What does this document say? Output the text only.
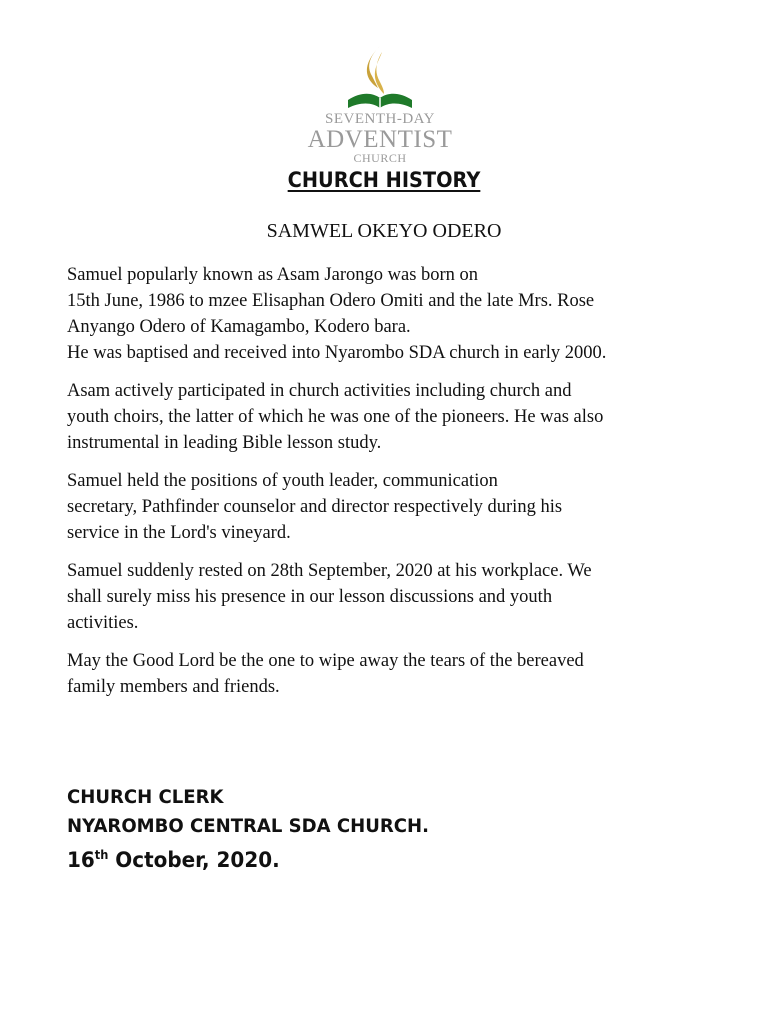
SEVENTH-DAY
ADVENTIST
CHURCH
CHURCH HISTORY
SAMWEL OKEYO ODERO

Samuel popularly known as Asam Jarongo was born on
15th June, 1986 to mzee Elisaphan Odero Omiti and the late Mrs. Rose
Anyango Odero of Kamagambo, Kodero bara.
He was baptised and received into Nyarombo SDA church in early 2000.

Asam actively participated in church activities including church and
youth choirs, the latter of which he was one of the pioneers. He was also
instrumental in leading Bible lesson study.

Samuel held the positions of youth leader, communication
secretary, Pathfinder counselor and director respectively during his
service in the Lord's vineyard.

Samuel suddenly rested on 28th September, 2020 at his workplace. We
shall surely miss his presence in our lesson discussions and youth
activities.

May the Good Lord be the one to wipe away the tears of the bereaved
family members and friends.

CHURCH CLERK
NYAROMBO CENTRAL SDA CHURCH.
16th October, 2020.
